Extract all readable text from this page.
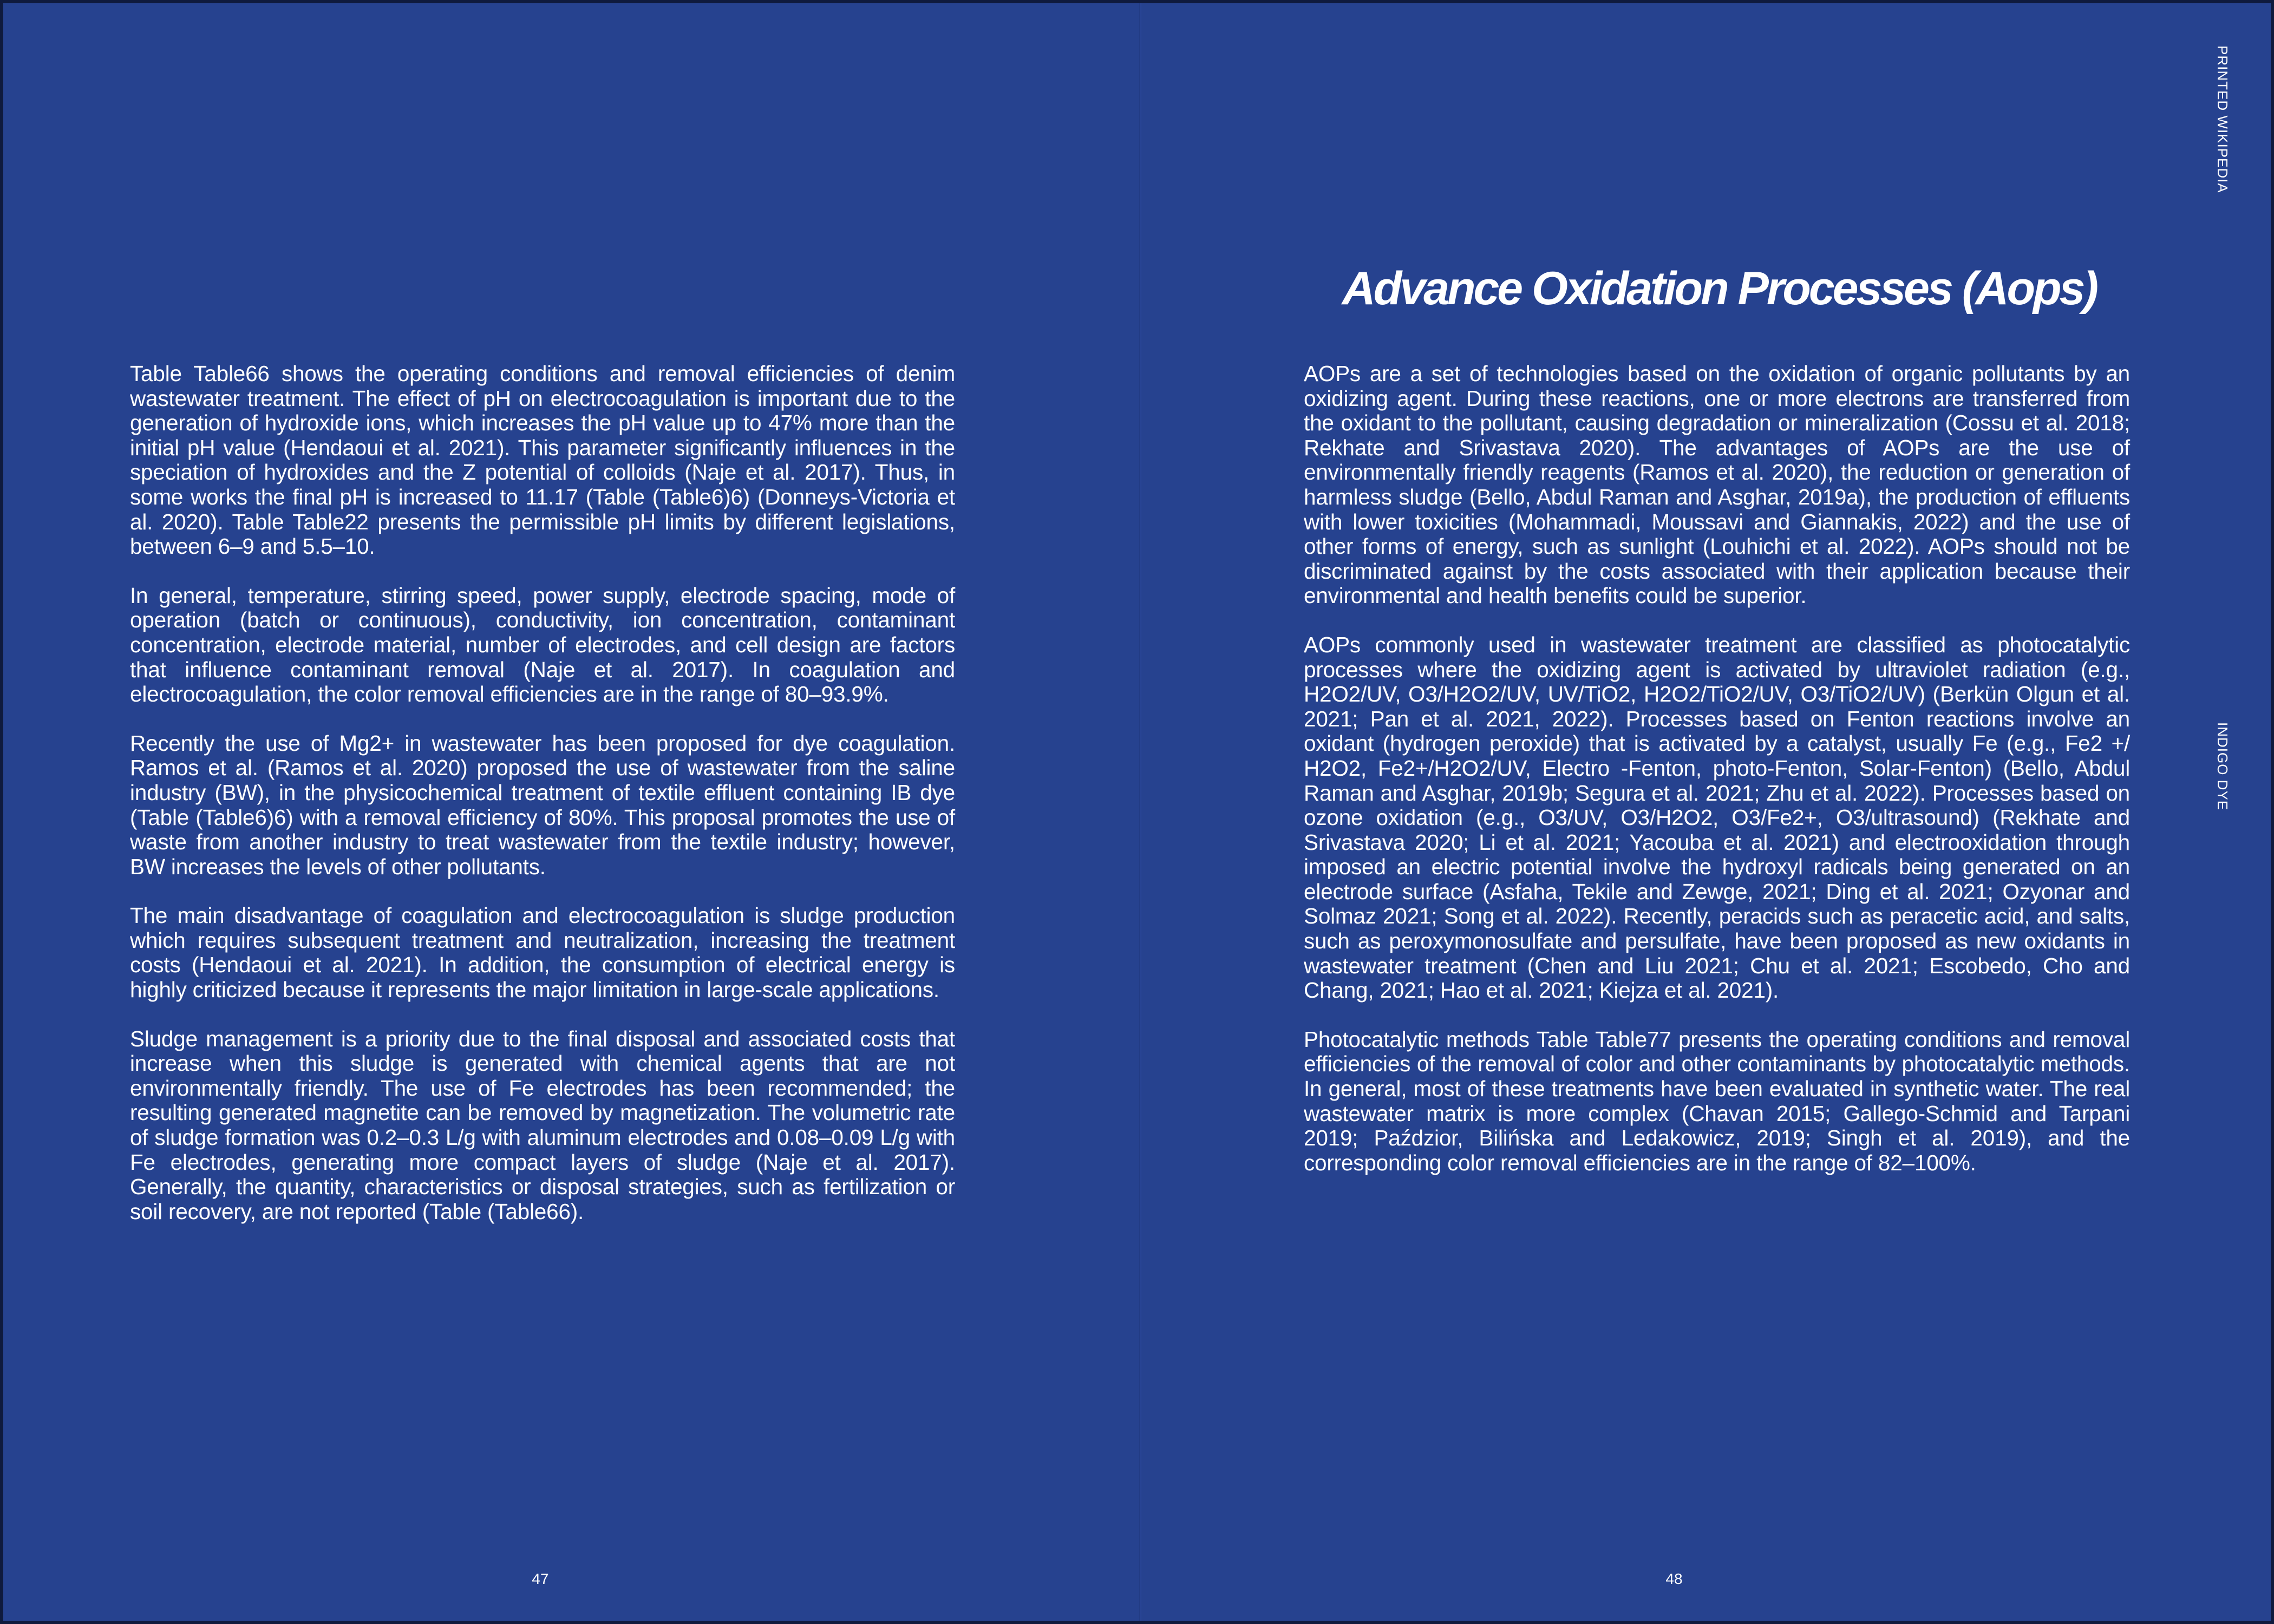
Table Table66 shows the operating conditions and removal efficiencies of denim wastewater treatment. The effect of pH on electrocoagulation is important due to the generation of hydroxide ions, which increases the pH value up to 47% more than the initial pH value (Hendaoui et al. 2021). This parameter significantly influences in the speciation of hydroxides and the Z potential of colloids (Naje et al. 2017). Thus, in some works the final pH is increased to 11.17 (Table (Table6)6) (Donneys-Victoria et al. 2020). Table Table22 presents the permissible pH limits by different legislations, between 6–9 and 5.5–10.

In general, temperature, stirring speed, power supply, electrode spacing, mode of operation (batch or continuous), conductivity, ion concentration, contaminant concentration, electrode material, number of electrodes, and cell design are factors that influence contaminant removal (Naje et al. 2017). In coagulation and electrocoagulation, the color removal efficiencies are in the range of 80–93.9%.

Recently the use of Mg2+ in wastewater has been proposed for dye coagulation. Ramos et al. (Ramos et al. 2020) proposed the use of wastewater from the saline industry (BW), in the physicochemical treatment of textile effluent containing IB dye (Table (Table6)6) with a removal efficiency of 80%. This proposal promotes the use of waste from another industry to treat wastewater from the textile industry; however, BW increases the levels of other pollutants.

The main disadvantage of coagulation and electrocoagulation is sludge production which requires subsequent treatment and neutralization, increasing the treatment costs (Hendaoui et al. 2021). In addition, the consumption of electrical energy is highly criticized because it represents the major limitation in large-scale applications.

Sludge management is a priority due to the final disposal and associated costs that increase when this sludge is generated with chemical agents that are not environmentally friendly. The use of Fe electrodes has been recommended; the resulting generated magnetite can be removed by magnetization. The volumetric rate of sludge formation was 0.2–0.3 L/g with aluminum electrodes and 0.08–0.09 L/g with Fe electrodes, generating more compact layers of sludge (Naje et al. 2017). Generally, the quantity, characteristics or disposal strategies, such as fertilization or soil recovery, are not reported (Table (Table66).

47
PRINTED WIKIPEDIA
INDIGO DYE
Advance Oxidation Processes (Aops)

AOPs are a set of technologies based on the oxidation of organic pollutants by an oxidizing agent. During these reactions, one or more electrons are transferred from the oxidant to the pollutant, causing degradation or mineralization (Cossu et al. 2018; Rekhate and Srivastava 2020). The advantages of AOPs are the use of environmentally friendly reagents (Ramos et al. 2020), the reduction or generation of harmless sludge (Bello, Abdul Raman and Asghar, 2019a), the production of effluents with lower toxicities (Mohammadi, Moussavi and Giannakis, 2022) and the use of other forms of energy, such as sunlight (Louhichi et al. 2022). AOPs should not be discriminated against by the costs associated with their application because their environmental and health benefits could be superior.

AOPs commonly used in wastewater treatment are classified as photocatalytic processes where the oxidizing agent is activated by ultraviolet radiation (e.g., H2O2/UV, O3/H2O2/UV, UV/TiO2, H2O2/TiO2/UV, O3/TiO2/UV) (Berkün Olgun et al. 2021; Pan et al. 2021, 2022). Processes based on Fenton reactions involve an oxidant (hydrogen peroxide) that is activated by a catalyst, usually Fe (e.g., Fe2 +/ H2O2, Fe2+/H2O2/UV, Electro -Fenton, photo-Fenton, Solar-Fenton) (Bello, Abdul Raman and Asghar, 2019b; Segura et al. 2021; Zhu et al. 2022). Processes based on ozone oxidation (e.g., O3/UV, O3/H2O2, O3/Fe2+, O3/ultrasound) (Rekhate and Srivastava 2020; Li et al. 2021; Yacouba et al. 2021) and electrooxidation through imposed an electric potential involve the hydroxyl radicals being generated on an electrode surface (Asfaha, Tekile and Zewge, 2021; Ding et al. 2021; Ozyonar and Solmaz 2021; Song et al. 2022). Recently, peracids such as peracetic acid, and salts, such as peroxymonosulfate and persulfate, have been proposed as new oxidants in wastewater treatment (Chen and Liu 2021; Chu et al. 2021; Escobedo, Cho and Chang, 2021; Hao et al. 2021; Kiejza et al. 2021).

Photocatalytic methods Table Table77 presents the operating conditions and removal efficiencies of the removal of color and other contaminants by photocatalytic methods. In general, most of these treatments have been evaluated in synthetic water. The real wastewater matrix is more complex (Chavan 2015; Gallego-Schmid and Tarpani 2019; Paździor, Bilińska and Ledakowicz, 2019; Singh et al. 2019), and the corresponding color removal efficiencies are in the range of 82–100%.

48
